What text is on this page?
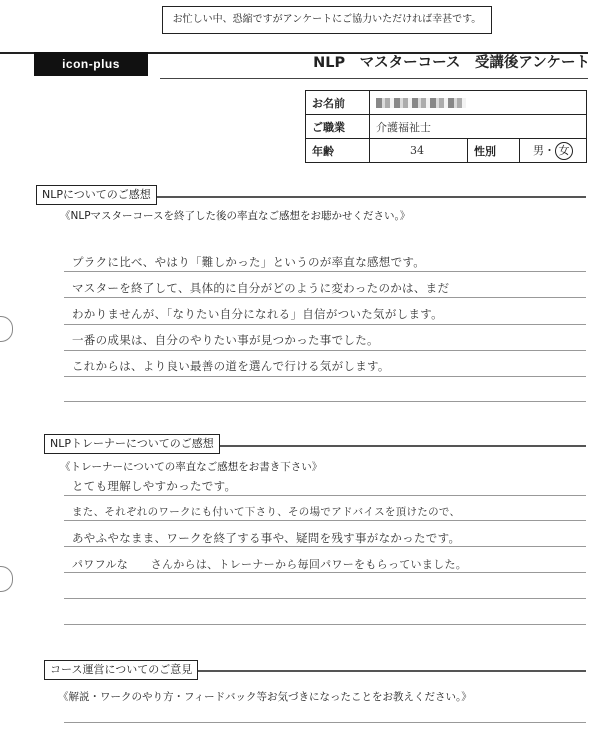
お忙しい中、恐縮ですがアンケートにご協力いただければ幸甚です。
icon-plus	NLP　マスターコース　受講後アンケート
お名前			
ご職業	介護福祉士		
年齢	34	性別	男・ 女
NLPについてのご感想
《NLPマスターコースを終了した後の率直なご感想をお聴かせください。》
プラクに比べ、やはり「難しかった」というのが率直な感想です。
マスターを終了して、具体的に自分がどのように変わったのかは、まだ
わかりませんが、「なりたい自分になれる」自信がついた気がします。
一番の成果は、自分のやりたい事が見つかった事でした。
これからは、より良い最善の道を選んで行ける気がします。
NLPトレーナーについてのご感想
《トレーナーについての率直なご感想をお書き下さい》
とても理解しやすかったです。
また、それぞれのワークにも付いて下さり、その場でアドバイスを頂けたので、
あやふやなまま、ワークを終了する事や、疑問を残す事がなかったです。
パワフルな　　さんからは、トレーナーから毎回パワーをもらっていました。
コース運営についてのご意見
《解説・ワークのやり方・フィードバック等お気づきになったことをお教えください。》
